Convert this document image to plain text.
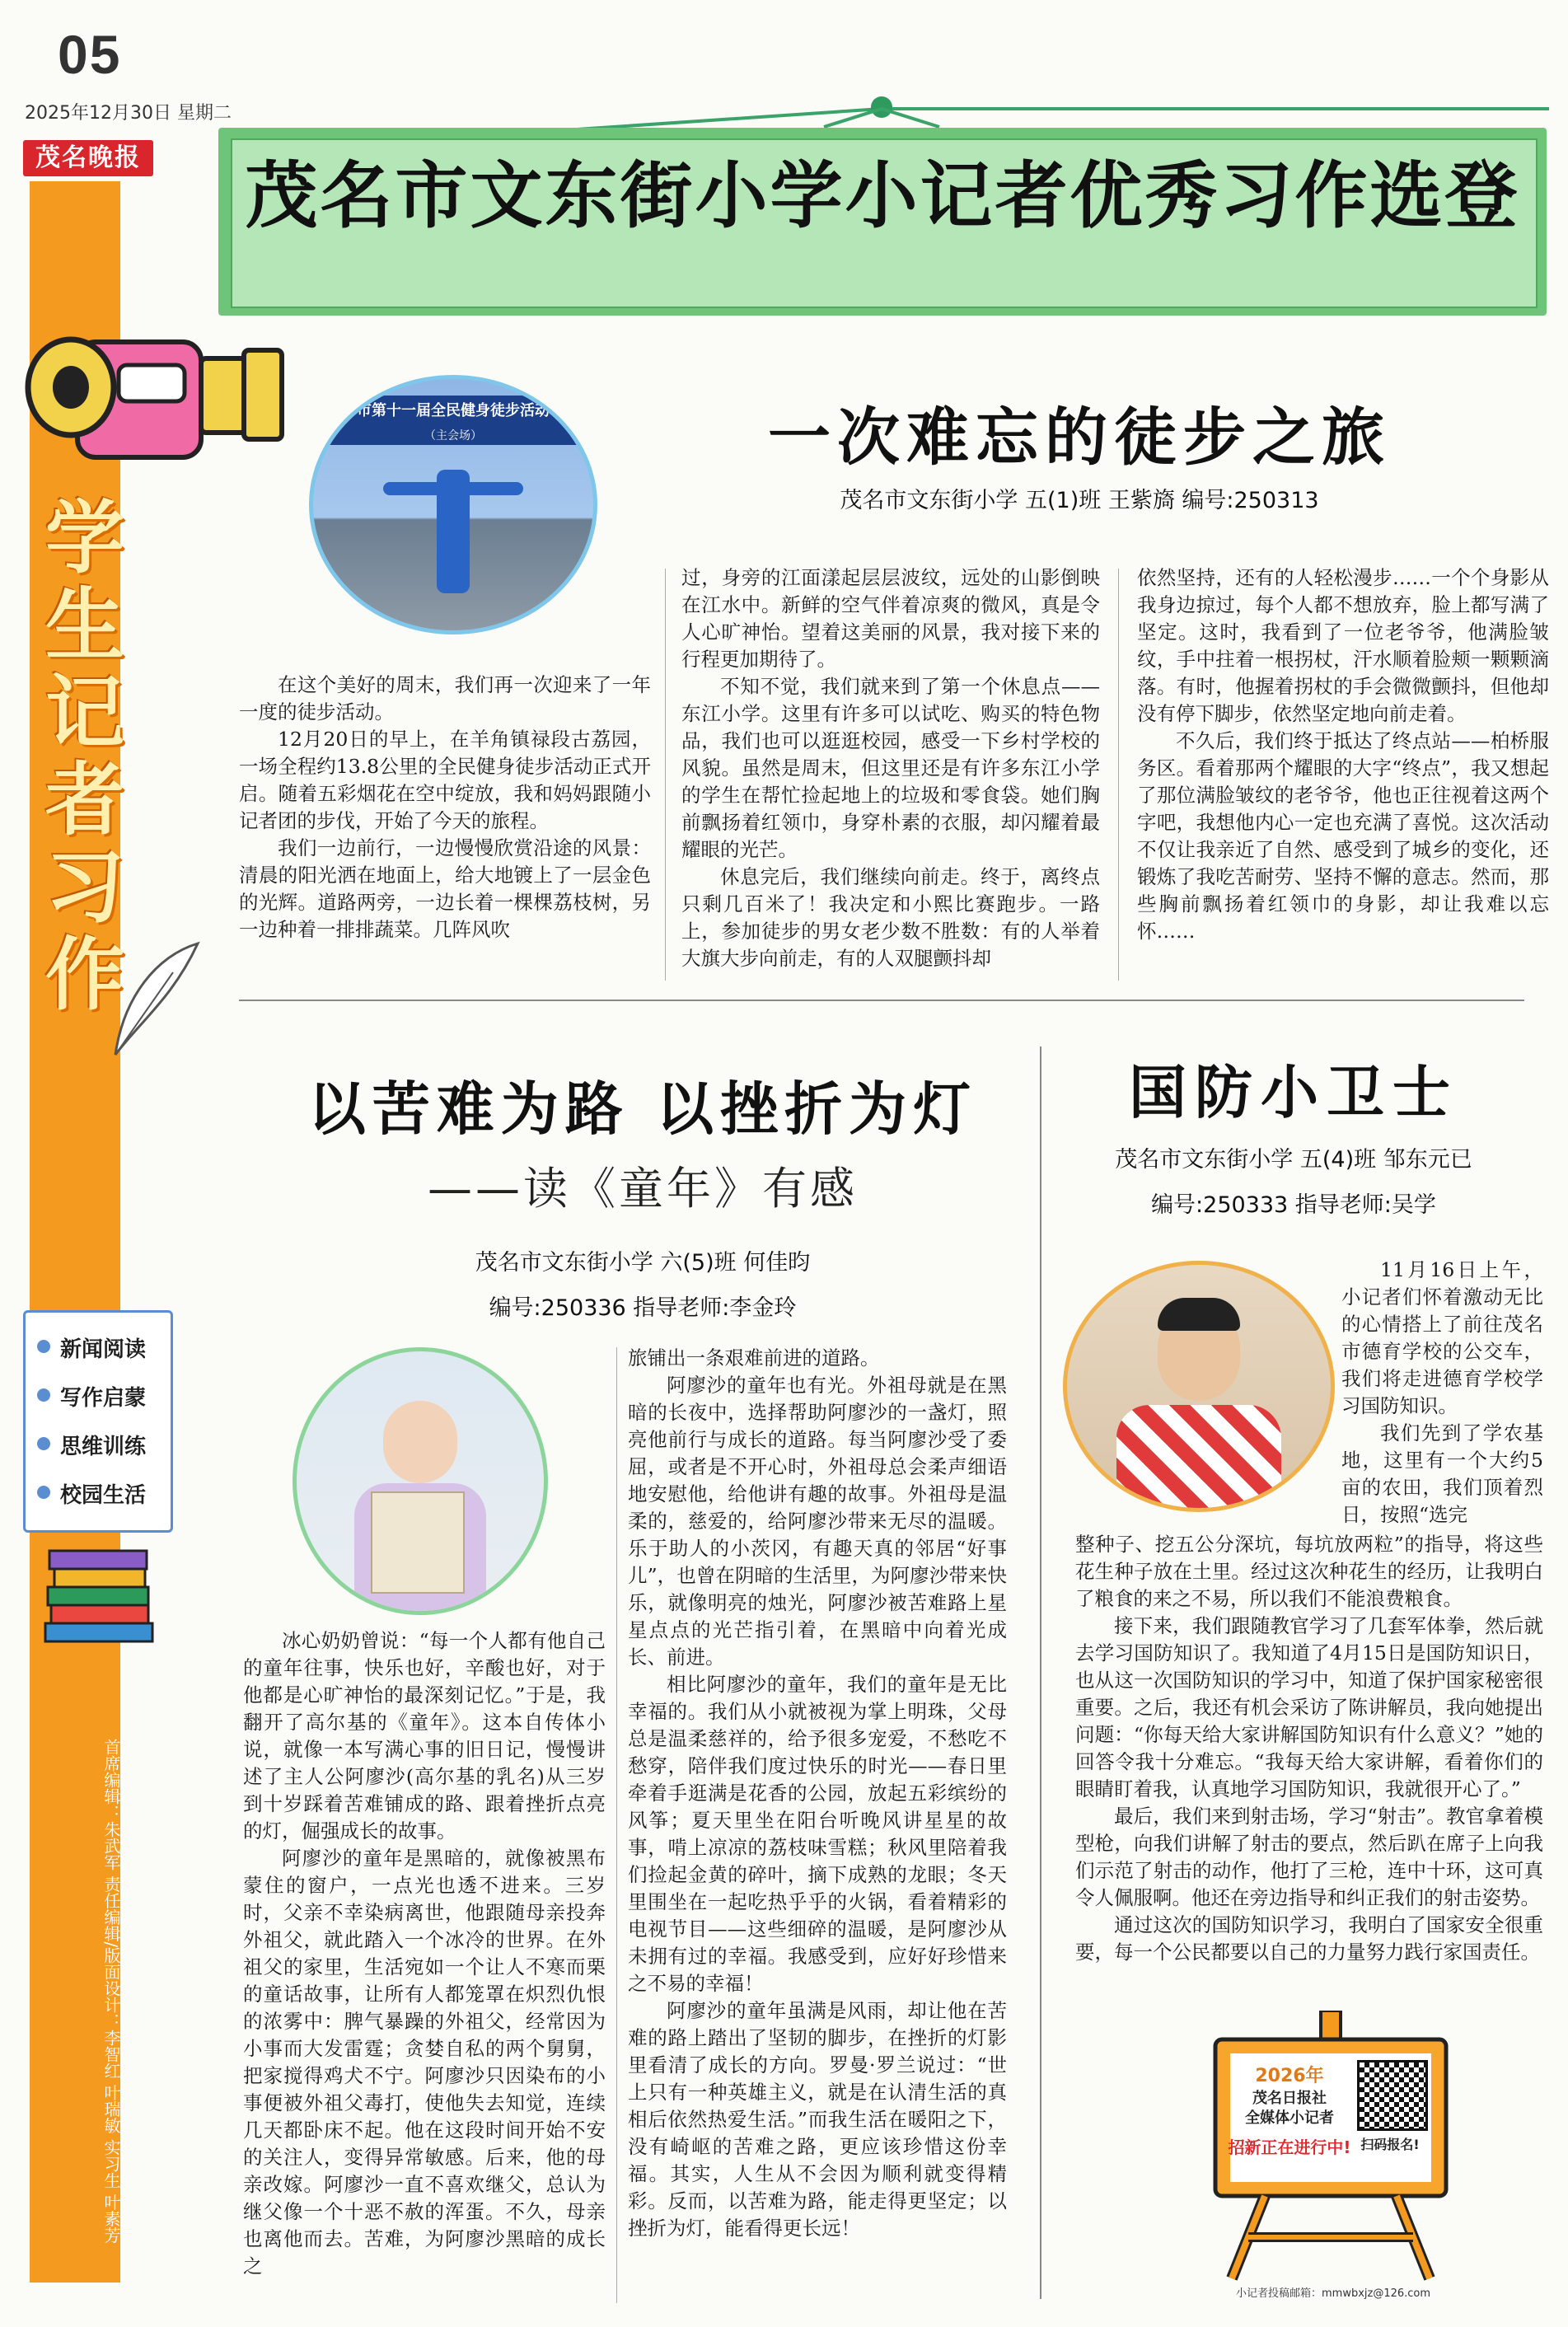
05
2025年12月30日 星期二
茂名晚报 茂名市文东街小学小记者优秀习作选登
学生记者习作
新闻阅读
写作启蒙
思维训练
校园生活
首席编辑：朱武军 责任编辑/版面设计：李智红 叶瑞敏 实习生 叶素芳
市第十一届全民健身徒步活动
（主会场）	一次难忘的徒步之旅
茂名市文东街小学 五(1)班 王紫旖 编号:250313

在这个美好的周末，我们再一次迎来了一年一度的徒步活动。

12月20日的早上，在羊角镇禄段古荔园，一场全程约13.8公里的全民健身徒步活动正式开启。随着五彩烟花在空中绽放，我和妈妈跟随小记者团的步伐，开始了今天的旅程。

我们一边前行，一边慢慢欣赏沿途的风景：清晨的阳光洒在地面上，给大地镀上了一层金色的光辉。道路两旁，一边长着一棵棵荔枝树，另一边种着一排排蔬菜。几阵风吹

过，身旁的江面漾起层层波纹，远处的山影倒映在江水中。新鲜的空气伴着凉爽的微风，真是令人心旷神怡。望着这美丽的风景，我对接下来的行程更加期待了。

不知不觉，我们就来到了第一个休息点——东江小学。这里有许多可以试吃、购买的特色物品，我们也可以逛逛校园，感受一下乡村学校的风貌。虽然是周末，但这里还是有许多东江小学的学生在帮忙捡起地上的垃圾和零食袋。她们胸前飘扬着红领巾，身穿朴素的衣服，却闪耀着最耀眼的光芒。

休息完后，我们继续向前走。终于，离终点只剩几百米了！我决定和小熙比赛跑步。一路上，参加徒步的男女老少数不胜数：有的人举着大旗大步向前走，有的人双腿颤抖却

依然坚持，还有的人轻松漫步……一个个身影从我身边掠过，每个人都不想放弃，脸上都写满了坚定。这时，我看到了一位老爷爷，他满脸皱纹，手中拄着一根拐杖，汗水顺着脸颊一颗颗滴落。有时，他握着拐杖的手会微微颤抖，但他却没有停下脚步，依然坚定地向前走着。

不久后，我们终于抵达了终点站——柏桥服务区。看着那两个耀眼的大字“终点”，我又想起了那位满脸皱纹的老爷爷，他也正往视着这两个字吧，我想他内心一定也充满了喜悦。这次活动不仅让我亲近了自然、感受到了城乡的变化，还锻炼了我吃苦耐劳、坚持不懈的意志。然而，那些胸前飘扬着红领巾的身影，却让我难以忘怀……

以苦难为路 以挫折为灯
——读《童年》有感
茂名市文东街小学 六(5)班 何佳昀
编号:250336 指导老师:李金玲

冰心奶奶曾说：“每一个人都有他自己的童年往事，快乐也好，辛酸也好，对于他都是心旷神怡的最深刻记忆。”于是，我翻开了高尔基的《童年》。这本自传体小说，就像一本写满心事的旧日记，慢慢讲述了主人公阿廖沙(高尔基的乳名)从三岁到十岁踩着苦难铺成的路、跟着挫折点亮的灯，倔强成长的故事。

阿廖沙的童年是黑暗的，就像被黑布蒙住的窗户，一点光也透不进来。三岁时，父亲不幸染病离世，他跟随母亲投奔外祖父，就此踏入一个冰冷的世界。在外祖父的家里，生活宛如一个让人不寒而栗的童话故事，让所有人都笼罩在炽烈仇恨的浓雾中：脾气暴躁的外祖父，经常因为小事而大发雷霆；贪婪自私的两个舅舅，把家搅得鸡犬不宁。阿廖沙只因染布的小事便被外祖父毒打，使他失去知觉，连续几天都卧床不起。他在这段时间开始不安的关注人，变得异常敏感。后来，他的母亲改嫁。阿廖沙一直不喜欢继父，总认为继父像一个十恶不赦的浑蛋。不久，母亲也离他而去。苦难，为阿廖沙黑暗的成长之

旅铺出一条艰难前进的道路。

阿廖沙的童年也有光。外祖母就是在黑暗的长夜中，选择帮助阿廖沙的一盏灯，照亮他前行与成长的道路。每当阿廖沙受了委屈，或者是不开心时，外祖母总会柔声细语地安慰他，给他讲有趣的故事。外祖母是温柔的，慈爱的，给阿廖沙带来无尽的温暖。乐于助人的小茨冈，有趣天真的邻居“好事儿”，也曾在阴暗的生活里，为阿廖沙带来快乐，就像明亮的烛光，阿廖沙被苦难路上星星点点的光芒指引着，在黑暗中向着光成长、前进。

相比阿廖沙的童年，我们的童年是无比幸福的。我们从小就被视为掌上明珠，父母总是温柔慈祥的，给予很多宠爱，不愁吃不愁穿，陪伴我们度过快乐的时光——春日里牵着手逛满是花香的公园，放起五彩缤纷的风筝；夏天里坐在阳台听晚风讲星星的故事，啃上凉凉的荔枝味雪糕；秋风里陪着我们捡起金黄的碎叶，摘下成熟的龙眼；冬天里围坐在一起吃热乎乎的火锅，看着精彩的电视节目——这些细碎的温暖，是阿廖沙从未拥有过的幸福。我感受到，应好好珍惜来之不易的幸福！

阿廖沙的童年虽满是风雨，却让他在苦难的路上踏出了坚韧的脚步，在挫折的灯影里看清了成长的方向。罗曼·罗兰说过：“世上只有一种英雄主义，就是在认清生活的真相后依然热爱生活。”而我生活在暖阳之下，没有崎岖的苦难之路，更应该珍惜这份幸福。其实，人生从不会因为顺利就变得精彩。反而，以苦难为路，能走得更坚定；以挫折为灯，能看得更长远！

国防小卫士
茂名市文东街小学 五(4)班 邹东元已
编号:250333 指导老师:吴学

11月16日上午，小记者们怀着激动无比的心情搭上了前往茂名市德育学校的公交车，我们将走进德育学校学习国防知识。

我们先到了学农基地，这里有一个大约5亩的农田，我们顶着烈日，按照“选完

整种子、挖五公分深坑，每坑放两粒”的指导，将这些花生种子放在土里。经过这次种花生的经历，让我明白了粮食的来之不易，所以我们不能浪费粮食。

接下来，我们跟随教官学习了几套军体拳，然后就去学习国防知识了。我知道了4月15日是国防知识日，也从这一次国防知识的学习中，知道了保护国家秘密很重要。之后，我还有机会采访了陈讲解员，我向她提出问题：“你每天给大家讲解国防知识有什么意义？”她的回答令我十分难忘。“我每天给大家讲解，看着你们的眼睛盯着我，认真地学习国防知识，我就很开心了。”

最后，我们来到射击场，学习“射击”。教官拿着模型枪，向我们讲解了射击的要点，然后趴在席子上向我们示范了射击的动作，他打了三枪，连中十环，这可真令人佩服啊。他还在旁边指导和纠正我们的射击姿势。

通过这次的国防知识学习，我明白了国家安全很重要，每一个公民都要以自己的力量努力践行家国责任。

2026年
茂名日报社
全媒体小记者
招新正在进行中! 扫码报名!
小记者投稿邮箱：mmwbxjz@126.com
